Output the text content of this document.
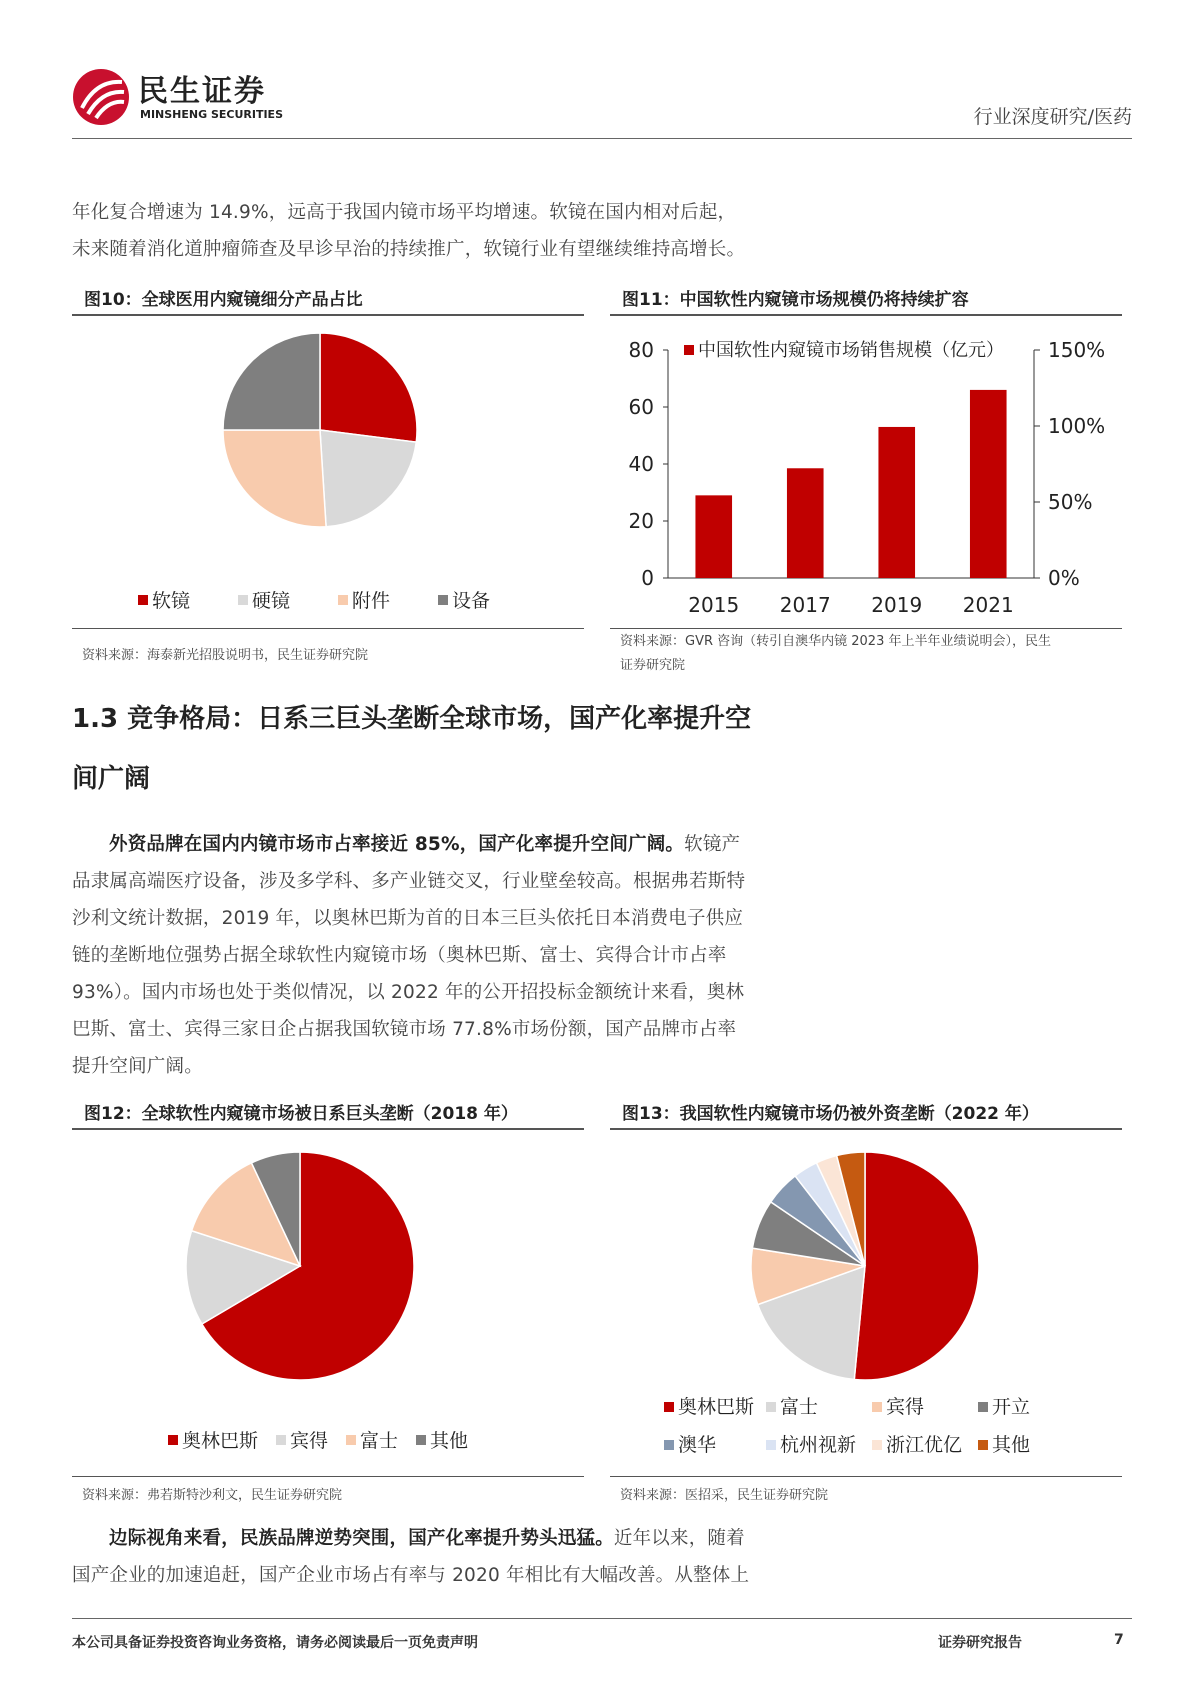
民生证券
MINSHENG SECURITIES	行业深度研究/医药
年化复合增速为 14.9%，远高于我国内镜市场平均增速。软镜在国内相对后起，
未来随着消化道肿瘤筛查及早诊早治的持续推广，软镜行业有望继续维持高增长。
图10：全球医用内窥镜细分产品占比
软镜	硬镜	附件	设备
资料来源：海泰新光招股说明书，民生证券研究院
图11：中国软性内窥镜市场规模仍将持续扩容
0
20
40
60
80
0%
50%
100%
150%
2015 2017 2019 2021
中国软性内窥镜市场销售规模（亿元）
资料来源：GVR 咨询（转引自澳华内镜 2023 年上半年业绩说明会），民生
证券研究院
1.3 竞争格局：日系三巨头垄断全球市场，国产化率提升空
间广阔
外资品牌在国内内镜市场市占率接近 85%，国产化率提升空间广阔。软镜产
品隶属高端医疗设备，涉及多学科、多产业链交叉，行业壁垒较高。根据弗若斯特
沙利文统计数据，2019 年，以奥林巴斯为首的日本三巨头依托日本消费电子供应
链的垄断地位强势占据全球软性内窥镜市场（奥林巴斯、富士、宾得合计市占率
93%）。国内市场也处于类似情况，以 2022 年的公开招投标金额统计来看，奥林
巴斯、富士、宾得三家日企占据我国软镜市场 77.8%市场份额，国产品牌市占率
提升空间广阔。
图12：全球软性内窥镜市场被日系巨头垄断（2018 年）
奥林巴斯 宾得 富士 其他
资料来源：弗若斯特沙利文，民生证券研究院
图13：我国软性内窥镜市场仍被外资垄断（2022 年）
奥林巴斯 富士	宾得	开立
澳华	杭州视新 浙江优亿 其他
资料来源：医招采，民生证券研究院
边际视角来看，民族品牌逆势突围，国产化率提升势头迅猛。近年以来，随着
国产企业的加速追赶，国产企业市场占有率与 2020 年相比有大幅改善。从整体上
本公司具备证券投资咨询业务资格，请务必阅读最后一页免责声明	证券研究报告	7
